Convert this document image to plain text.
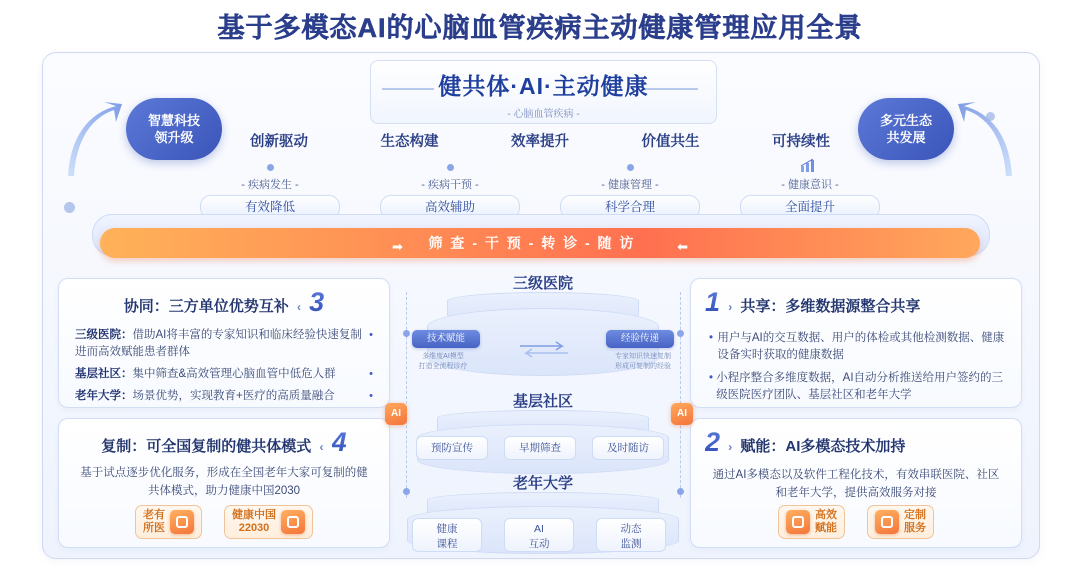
基于多模态AI的心脑血管疾病主动健康管理应用全景
智慧科技
领升级
多元生态
共发展
健共体·AI·主动健康
- 心脑血管疾病 -
创新驱动	生态构建	效率提升	价值共生	可持续性
- 疾病发生 -
有效降低
- 疾病干预 -
高效辅助
- 健康管理 -
科学合理
- 健康意识 -
全面提升
筛 查 - 干 预 - 转 诊 - 随 访
➡	⬅
协同：三方单位优势互补 ‹ 3
三级医院：借助AI将丰富的专家知识和临床经验快速复制进而高效赋能患者群体
•
基层社区：集中筛查&高效管理心脑血管中低危人群	•
老年大学：场景优势，实现教育+医疗的高质量融合	•
1 › 共享：多维数据源整合共享
• 用户与AI的交互数据、用户的体检或其他检测数据、健康设备实时获取的健康数据
• 小程序整合多维度数据，AI自动分析推送给用户签约的三级医院医疗团队、基层社区和老年大学
复制：可全国复制的健共体模式 ‹ 4
基于试点逐步优化服务，形成在全国老年大家可复制的健共体模式，助力健康中国2030
老有
所医
健康中国
22030
2 › 赋能：AI多模态技术加持
通过AI多模态以及软件工程化技术，有效串联医院、社区和老年大学，提供高效服务对接
高效
赋能
定制
服务
三级医院
技术赋能	经验传递
多维度AI模型
打造全流程诊疗
专家知识快速复制
形成可复制的经验
基层社区
预防宣传	早期筛查	及时随访
老年大学
健康
课程
AI
互动
动态
监测
AI	AI
